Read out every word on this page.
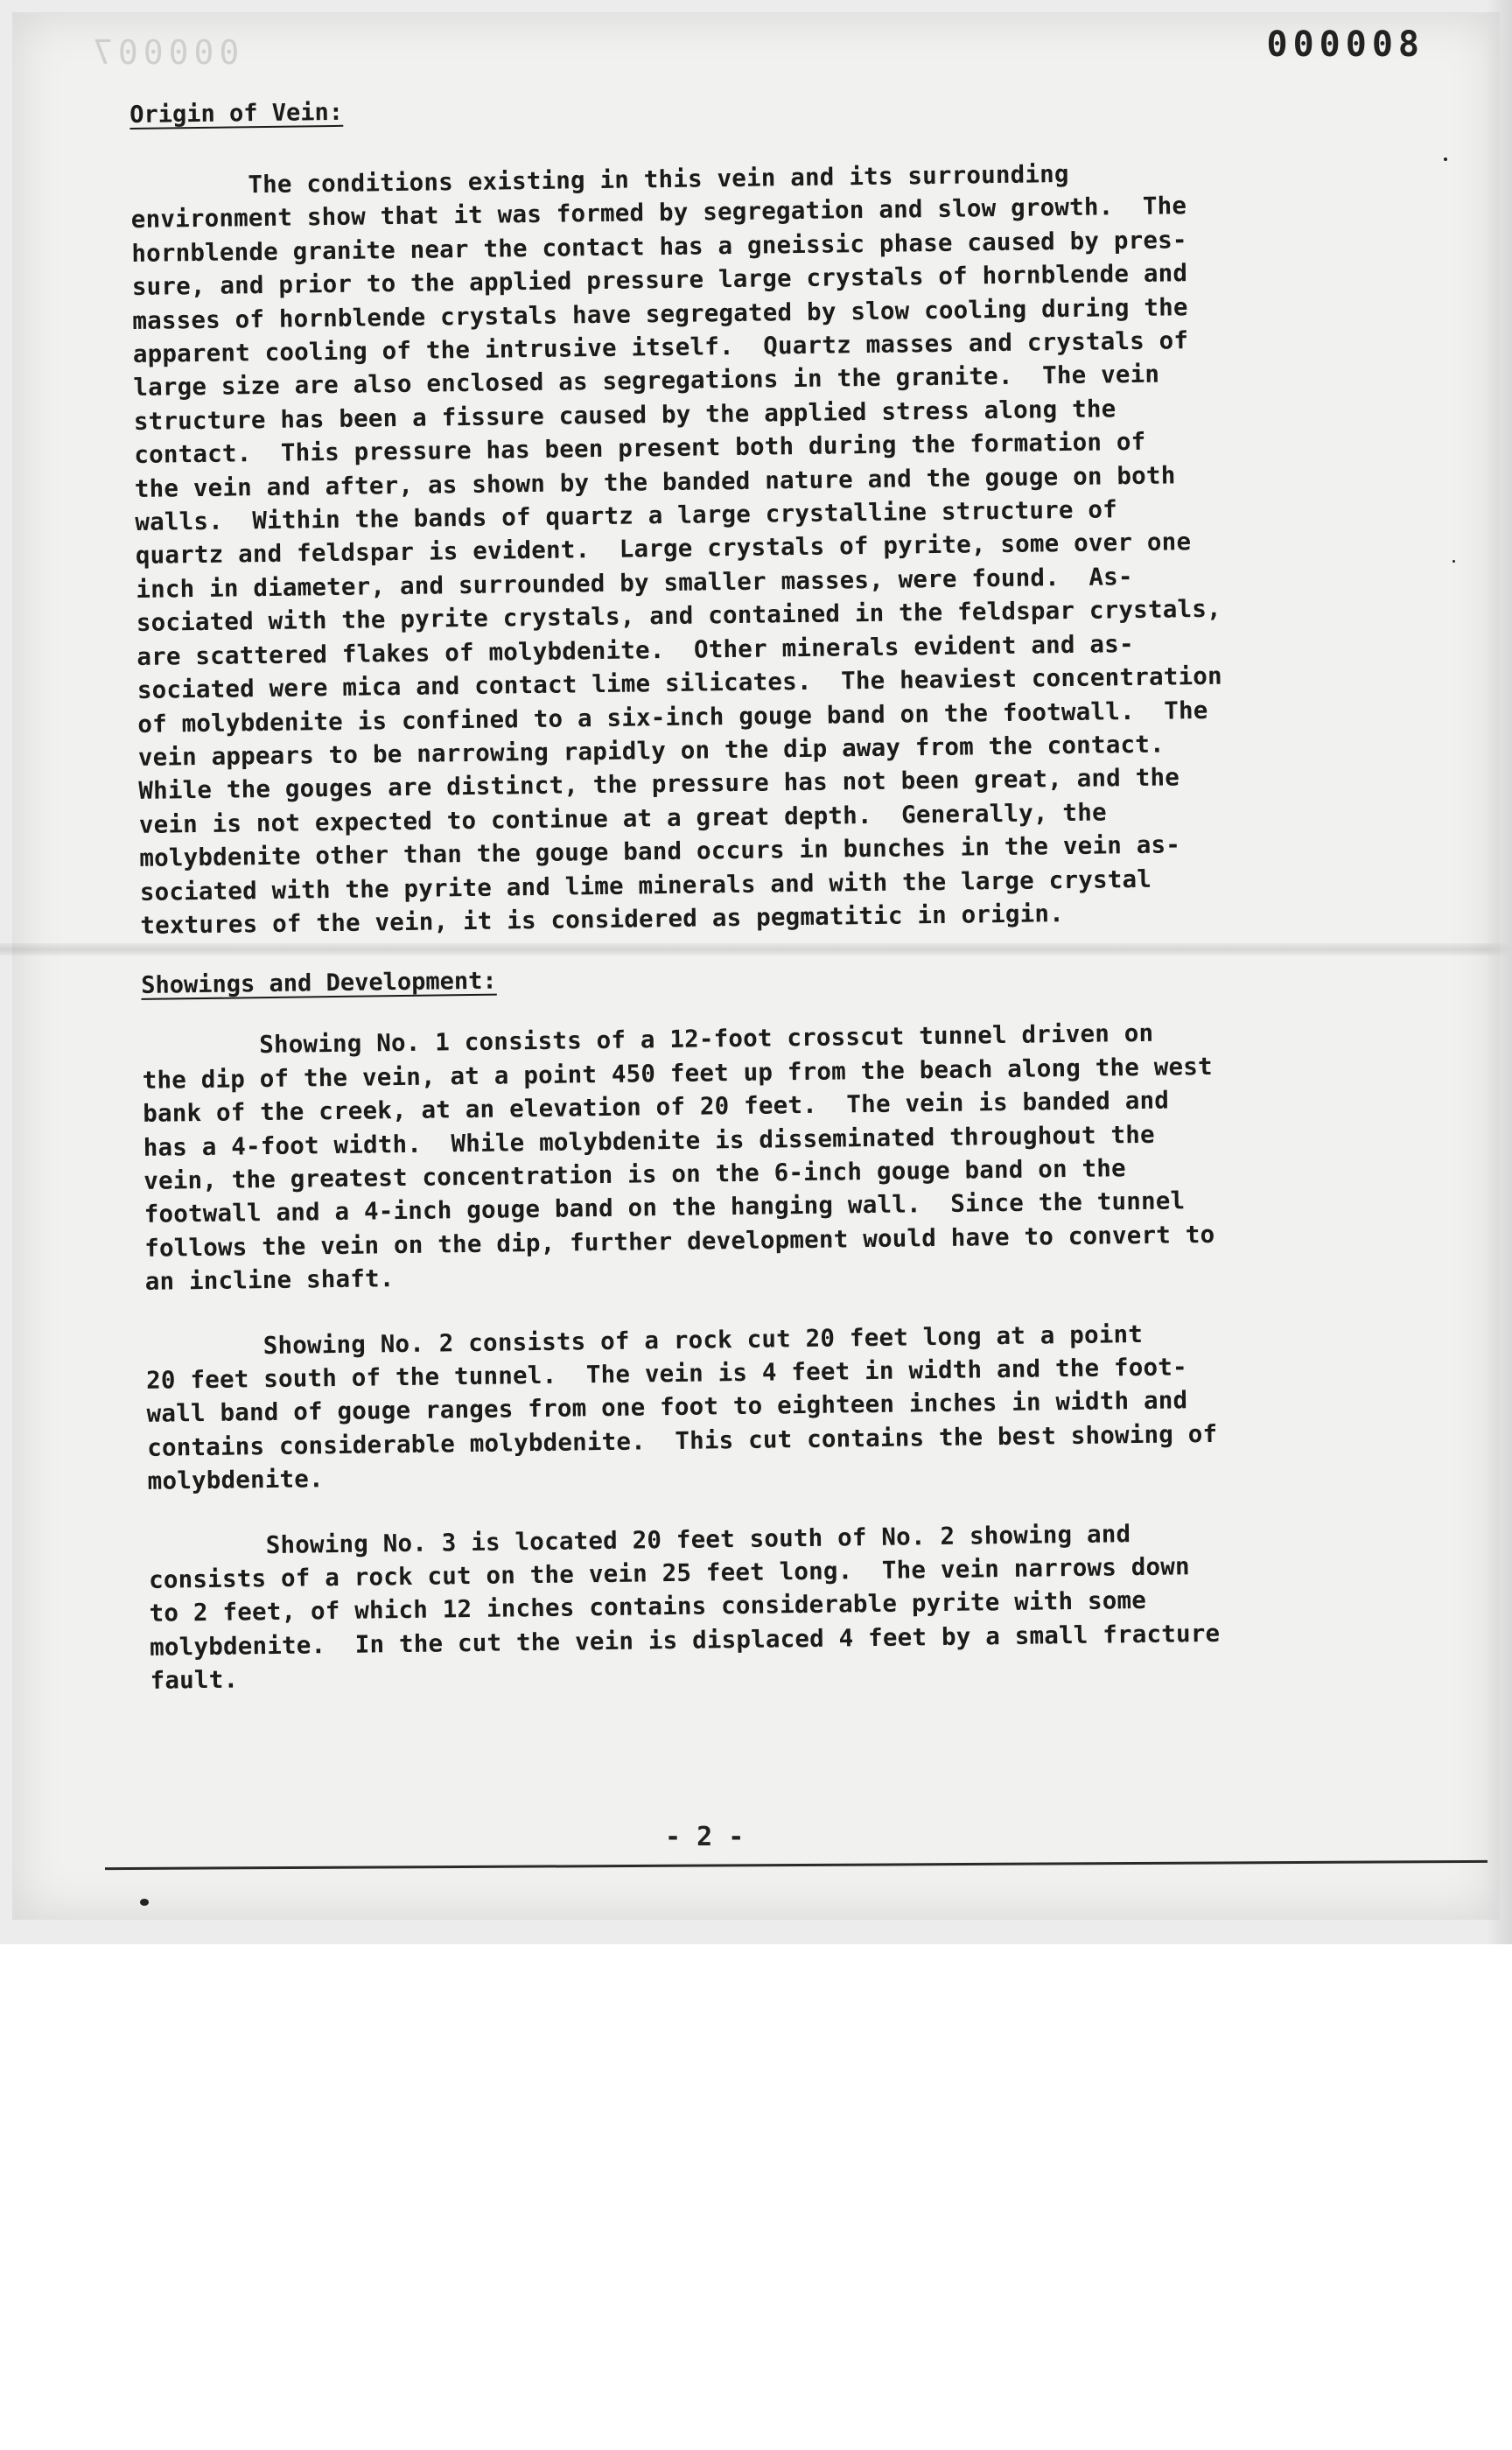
000007	000008
Origin of Vein:

The conditions existing in this vein and its surrounding
environment show that it was formed by segregation and slow growth.  The
hornblende granite near the contact has a gneissic phase caused by pres-
sure, and prior to the applied pressure large crystals of hornblende and
masses of hornblende crystals have segregated by slow cooling during the
apparent cooling of the intrusive itself.  Quartz masses and crystals of
large size are also enclosed as segregations in the granite.  The vein
structure has been a fissure caused by the applied stress along the
contact.  This pressure has been present both during the formation of
the vein and after, as shown by the banded nature and the gouge on both
walls.  Within the bands of quartz a large crystalline structure of
quartz and feldspar is evident.  Large crystals of pyrite, some over one
inch in diameter, and surrounded by smaller masses, were found.  As-
sociated with the pyrite crystals, and contained in the feldspar crystals,
are scattered flakes of molybdenite.  Other minerals evident and as-
sociated were mica and contact lime silicates.  The heaviest concentration
of molybdenite is confined to a six-inch gouge band on the footwall.  The
vein appears to be narrowing rapidly on the dip away from the contact.
While the gouges are distinct, the pressure has not been great, and the
vein is not expected to continue at a great depth.  Generally, the
molybdenite other than the gouge band occurs in bunches in the vein as-
sociated with the pyrite and lime minerals and with the large crystal
textures of the vein, it is considered as pegmatitic in origin.

Showings and Development:

Showing No. 1 consists of a 12-foot crosscut tunnel driven on
the dip of the vein, at a point 450 feet up from the beach along the west
bank of the creek, at an elevation of 20 feet.  The vein is banded and
has a 4-foot width.  While molybdenite is disseminated throughout the
vein, the greatest concentration is on the 6-inch gouge band on the
footwall and a 4-inch gouge band on the hanging wall.  Since the tunnel
follows the vein on the dip, further development would have to convert to
an incline shaft.

Showing No. 2 consists of a rock cut 20 feet long at a point
20 feet south of the tunnel.  The vein is 4 feet in width and the foot-
wall band of gouge ranges from one foot to eighteen inches in width and
contains considerable molybdenite.  This cut contains the best showing of
molybdenite.

Showing No. 3 is located 20 feet south of No. 2 showing and
consists of a rock cut on the vein 25 feet long.  The vein narrows down
to 2 feet, of which 12 inches contains considerable pyrite with some
molybdenite.  In the cut the vein is displaced 4 feet by a small fracture
fault.

- 2 -
